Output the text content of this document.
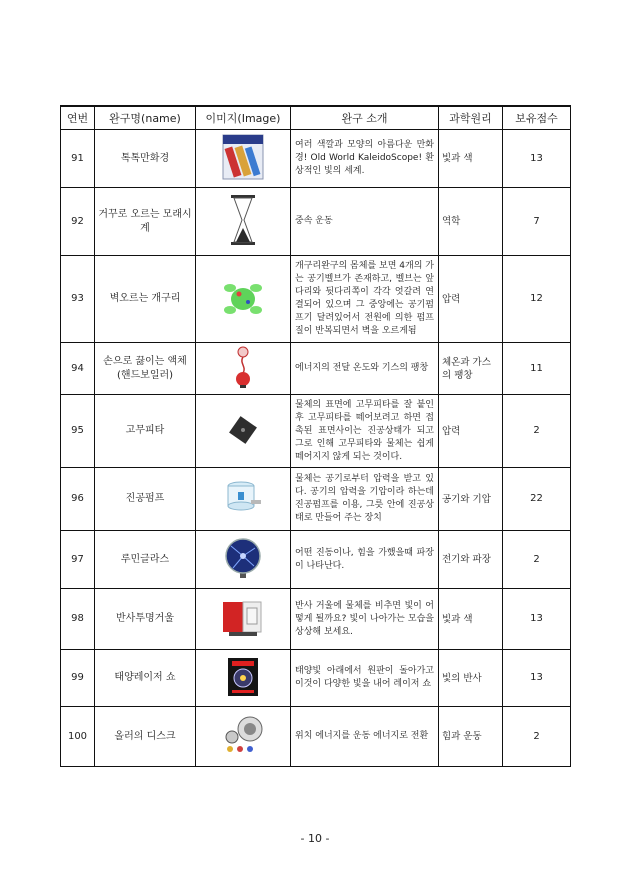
연번	완구명(name)	이미지(Image)	완구 소개	과학원리	보유점수
91	톡톡만화경		여러 색깔과 모양의 아름다운 만화경! Old World KaleidoScope! 환상적인 빛의 세계.	빛과 색	13
92	거꾸로 오르는 모래시계		중속 운동	역학	7
93	벽오르는 개구리		개구리완구의 몸체를 보면 4개의 가는 공기벨브가 존재하고, 벨브는 앞다리와 뒷다리쪽이 각각 엇갈려 연결되어 있으며 그 중앙에는 공기펌프기 달려있어서 전원에 의한 펌프질이 반복되면서 벽을 오르게됨	압력	12
94	손으로 끓이는 액체 (핸드보일러)		에너지의 전달 온도와 기스의 팽창	체온과 가스의 팽창	11
95	고무피타		물체의 표면에 고무피타를 잘 붙인 후 고무피타를 떼어보려고 하면 접촉된 표면사이는 진공상태가 되고 그로 인해 고무피타와 물체는 쉽게 떼어지지 않게 되는 것이다.	압력	2
96	진공펌프		물체는 공기로부터 압력을 받고 있다. 공기의 압력을 기압이라 하는데 진공펌프를 이용, 그릇 안에 진공상태로 만들어 주는 장치	공기와 기압	22
97	루민글라스		어떤 진동이나, 힘을 가했을때 파장이 나타난다.	전기와 파장	2
98	반사투명거울		반사 거울에 물체를 비추면 빛이 어떻게 될까요? 빛이 나아가는 모습을 상상해 보세요.	빛과 색	13
99	태양레이저 쇼		태양빛 아래에서 원판이 돌아가고 이것이 다양한 빛을 내어 레이저 쇼	빛의 반사	13
100	올러의 디스크		위치 에너지를 운동 에너지로 전환	힘과 운동	2
- 10 -
